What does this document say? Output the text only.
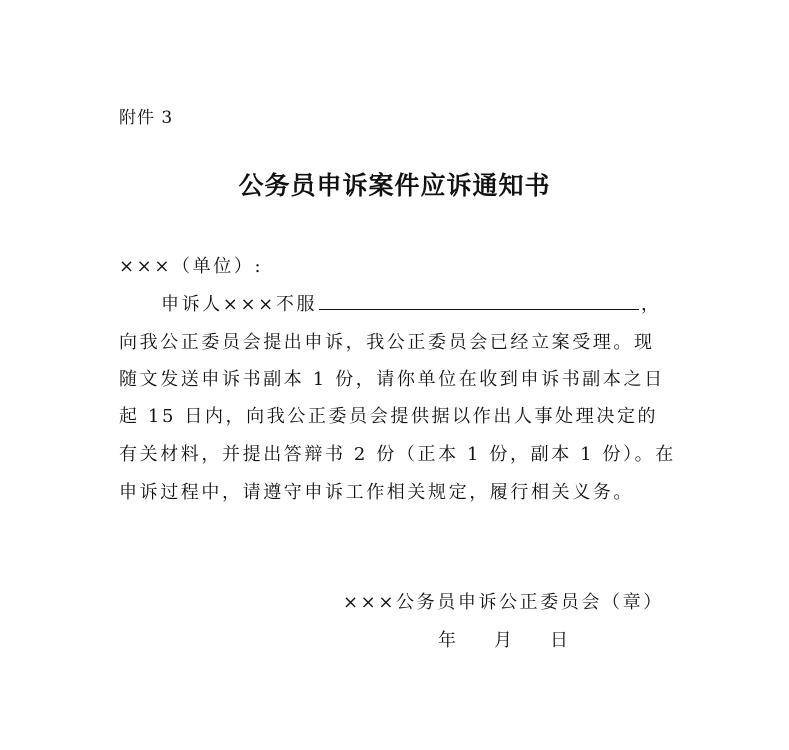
附件 3
公务员申诉案件应诉通知书
×××（单位）:
申诉人×××不服	，
向我公正委员会提出申诉，我公正委员会已经立案受理。现
随文发送申诉书副本 1 份，请你单位在收到申诉书副本之日
起 15 日内，向我公正委员会提供据以作出人事处理决定的
有关材料，并提出答辩书 2 份（正本 1 份，副本 1 份）。在
申诉过程中，请遵守申诉工作相关规定，履行相关义务。
×××公务员申诉公正委员会（章）
年 月 日
